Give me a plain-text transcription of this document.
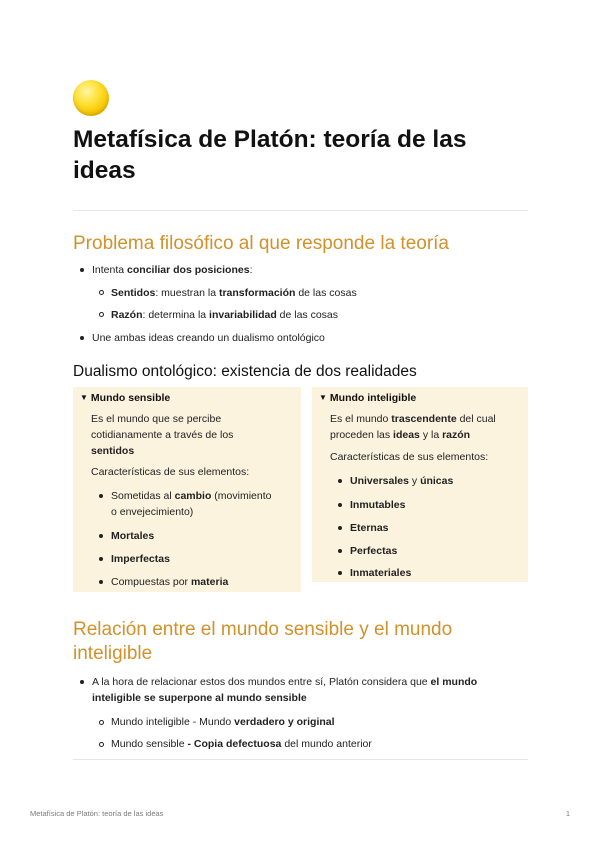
Metafísica de Platón: teoría de las ideas
Problema filosófico al que responde la teoría
Intenta conciliar dos posiciones:
Sentidos: muestran la transformación de las cosas
Razón: determina la invariabilidad de las cosas
Une ambas ideas creando un dualismo ontológico
Dualismo ontológico: existencia de dos realidades
▼ Mundo sensible
Es el mundo que se percibe
cotidianamente a través de los
sentidos
Características de sus elementos:
Sometidas al cambio (movimiento
o envejecimiento)
Mortales
Imperfectas
Compuestas por materia
▼ Mundo inteligible
Es el mundo trascendente del cual
proceden las ideas y la razón
Características de sus elementos:
Universales y únicas
Inmutables
Eternas
Perfectas
Inmateriales
Relación entre el mundo sensible y el mundo
inteligible
A la hora de relacionar estos dos mundos entre sí, Platón considera que el mundo
inteligible se superpone al mundo sensible
Mundo inteligible - Mundo verdadero y original
Mundo sensible - Copia defectuosa del mundo anterior
Metafísica de Platón: teoría de las ideas	1
